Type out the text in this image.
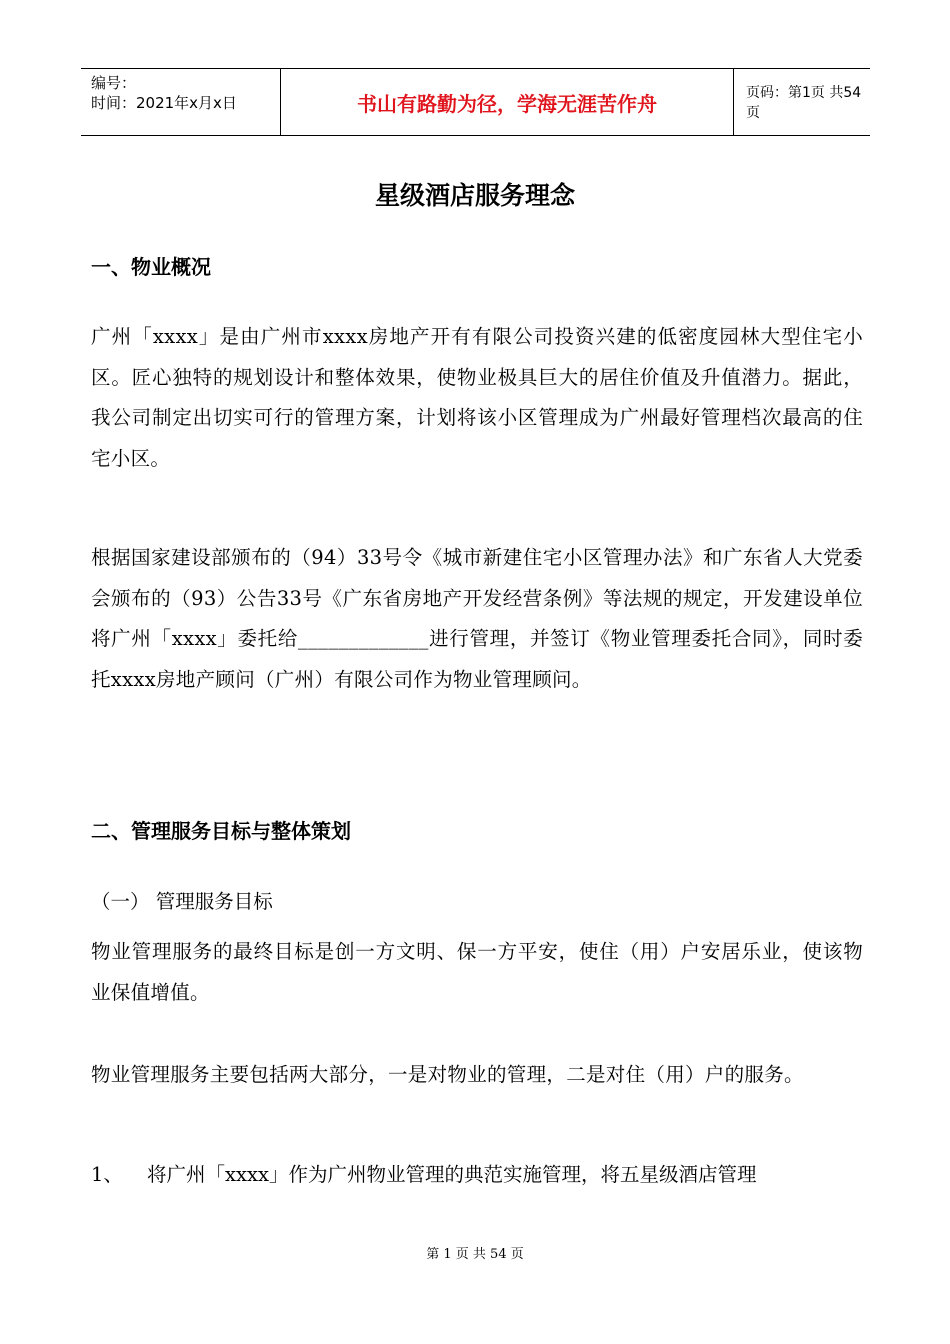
编号：
时间：2021年x月x日	书山有路勤为径，学海无涯苦作舟	页码：第1页 共54页
星级酒店服务理念
一、物业概况
广州「xxxx」是由广州市xxxx房地产开有有限公司投资兴建的低密度园林大型住宅小区。匠心独特的规划设计和整体效果，使物业极具巨大的居住价值及升值潜力。据此，我公司制定出切实可行的管理方案，计划将该小区管理成为广州最好管理档次最高的住宅小区。
根据国家建设部颁布的（94）33号令《城市新建住宅小区管理办法》和广东省人大党委会颁布的（93）公告33号《广东省房地产开发经营条例》等法规的规定，开发建设单位将广州「xxxx」委托给_____________进行管理，并签订《物业管理委托合同》，同时委托xxxx房地产顾问（广州）有限公司作为物业管理顾问。
二、管理服务目标与整体策划
（一） 管理服务目标
物业管理服务的最终目标是创一方文明、保一方平安，使住（用）户安居乐业，使该物业保值增值。
物业管理服务主要包括两大部分，一是对物业的管理，二是对住（用）户的服务。
1、 将广州「xxxx」作为广州物业管理的典范实施管理，将五星级酒店管理
第 1 页 共 54 页
